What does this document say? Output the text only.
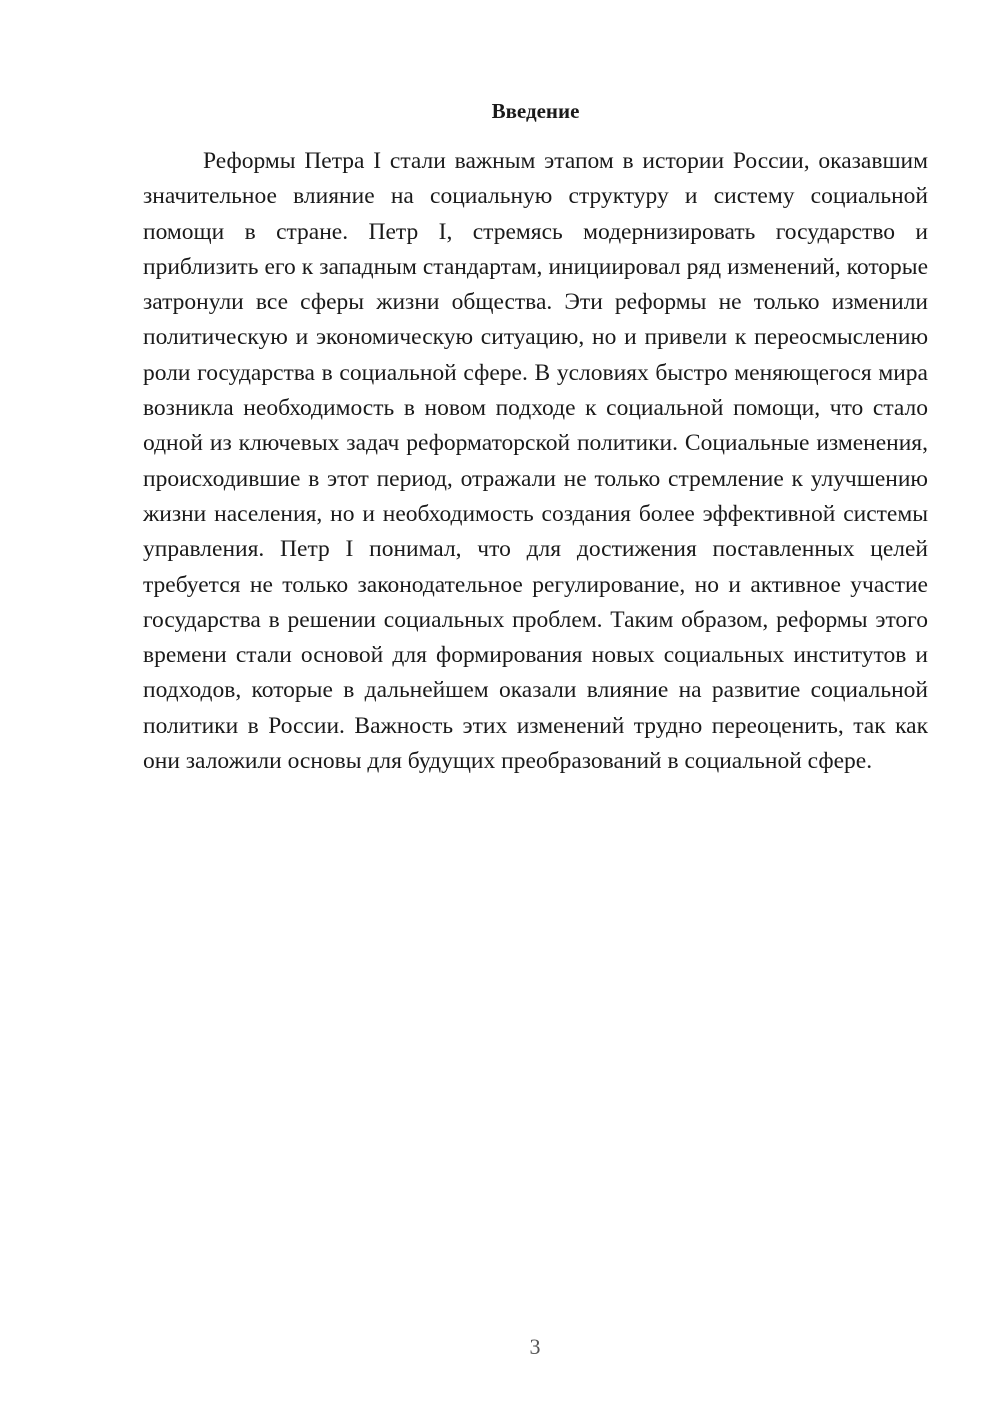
Введение

Реформы Петра I стали важным этапом в истории России, оказавшим значительное влияние на социальную структуру и систему социальной помощи в стране. Петр I, стремясь модернизировать государство и приблизить его к западным стандартам, инициировал ряд изменений, которые затронули все сферы жизни общества. Эти реформы не только изменили политическую и экономическую ситуацию, но и привели к переосмыслению роли государства в социальной сфере. В условиях быстро меняющегося мира возникла необходимость в новом подходе к социальной помощи, что стало одной из ключевых задач реформаторской политики. Социальные изменения, происходившие в этот период, отражали не только стремление к улучшению жизни населения, но и необходимость создания более эффективной системы управления. Петр I понимал, что для достижения поставленных целей требуется не только законодательное регулирование, но и активное участие государства в решении социальных проблем. Таким образом, реформы этого времени стали основой для формирования новых социальных институтов и подходов, которые в дальнейшем оказали влияние на развитие социальной политики в России. Важность этих изменений трудно переоценить, так как они заложили основы для будущих преобразований в социальной сфере.

3
